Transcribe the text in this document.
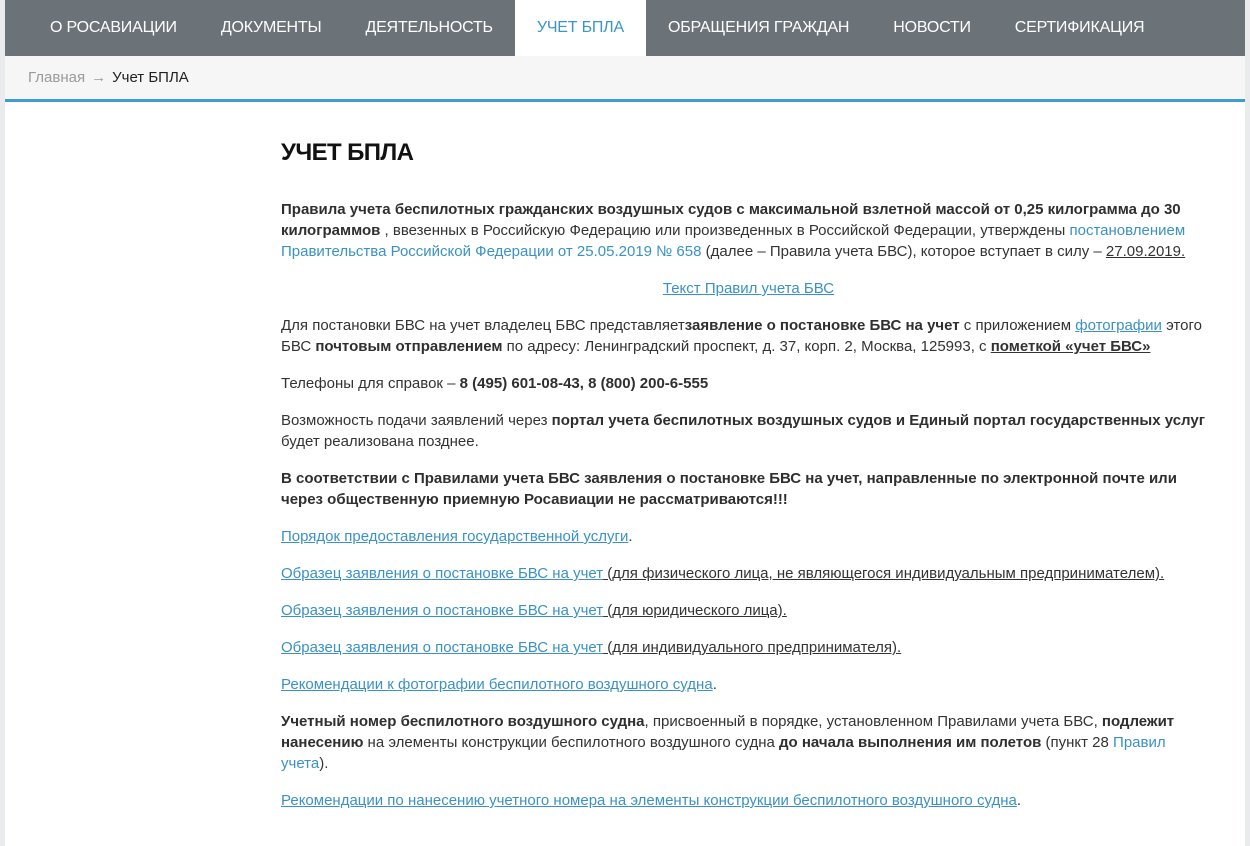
О РОСАВИАЦИИ	ДОКУМЕНТЫ	ДЕЯТЕЛЬНОСТЬ	УЧЕТ БПЛА	ОБРАЩЕНИЯ ГРАЖДАН	НОВОСТИ	СЕРТИФИКАЦИЯ
Главная → Учет БПЛА
УЧЕТ БПЛА

Правила учета беспилотных гражданских воздушных судов с максимальной взлетной массой от 0,25 килограмма до 30 килограммов , ввезенных в Российскую Федерацию или произведенных в Российской Федерации, утверждены постановлением Правительства Российской Федерации от 25.05.2019 № 658 (далее – Правила учета БВС), которое вступает в силу – 27.09.2019.

Текст Правил учета БВС

Для постановки БВС на учет владелец БВС представляетзаявление о постановке БВС на учет с приложением фотографии этого БВС почтовым отправлением по адресу: Ленинградский проспект, д. 37, корп. 2, Москва, 125993, с пометкой «учет БВС»

Телефоны для справок – 8 (495) 601-08-43, 8 (800) 200-6-555

Возможность подачи заявлений через портал учета беспилотных воздушных судов и Единый портал государственных услуг будет реализована позднее.

В соответствии с Правилами учета БВС заявления о постановке БВС на учет, направленные по электронной почте или через общественную приемную Росавиации не рассматриваются!!!

Порядок предоставления государственной услуги.

Образец заявления о постановке БВС на учет (для физического лица, не являющегося индивидуальным предпринимателем).

Образец заявления о постановке БВС на учет (для юридического лица).

Образец заявления о постановке БВС на учет (для индивидуального предпринимателя).

Рекомендации к фотографии беспилотного воздушного судна.

Учетный номер беспилотного воздушного судна, присвоенный в порядке, установленном Правилами учета БВС, подлежит нанесению на элементы конструкции беспилотного воздушного судна до начала выполнения им полетов (пункт 28 Правил учета).

Рекомендации по нанесению учетного номера на элементы конструкции беспилотного воздушного судна.
